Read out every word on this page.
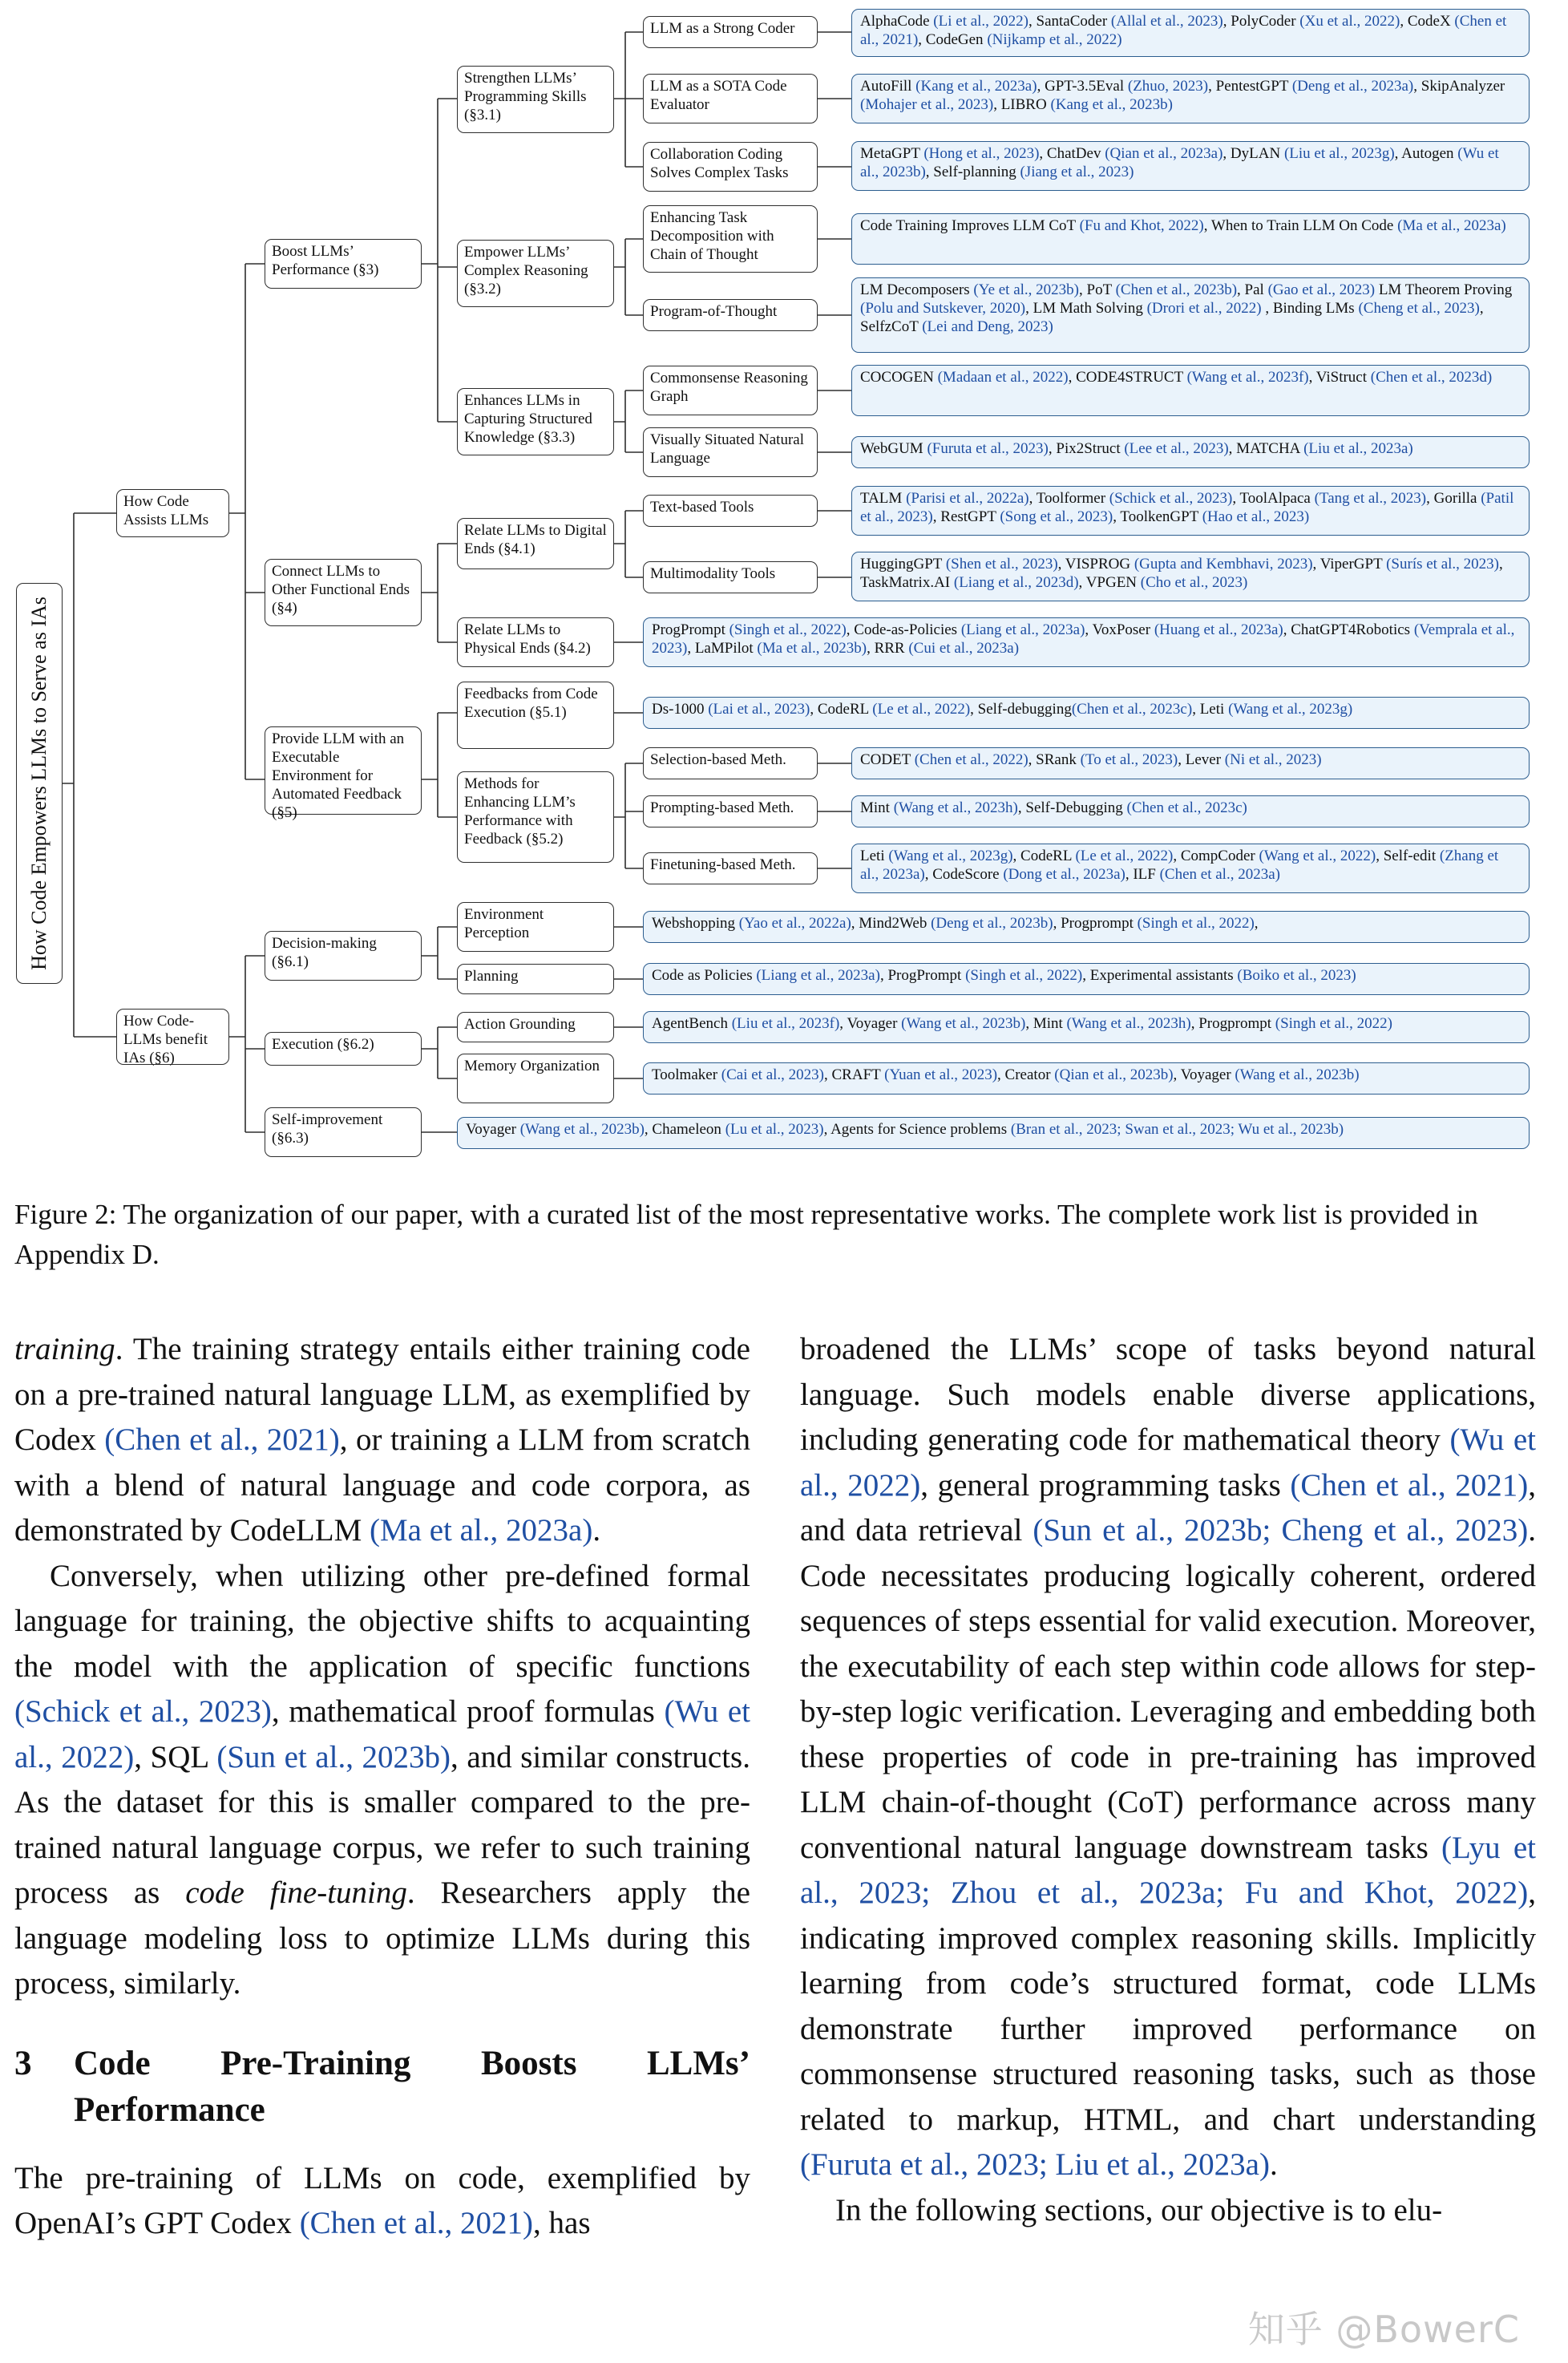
How Code Empowers LLMs to Serve as IAs
How Code Assists LLMs
How Code-LLMs benefit IAs (§6)
Boost LLMs’ Performance (§3)
Connect LLMs to Other Functional Ends (§4)
Provide LLM with an Executable Environment for Automated Feedback (§5)
Decision-making (§6.1)
Execution (§6.2)
Self-improvement (§6.3)
Strengthen LLMs’ Programming Skills (§3.1)
Empower LLMs’ Complex Reasoning (§3.2)
Enhances LLMs in Capturing Structured Knowledge (§3.3)
Relate LLMs to Digital Ends (§4.1)
Relate LLMs to Physical Ends (§4.2)
Feedbacks from Code Execution (§5.1)
Methods for Enhancing LLM’s Performance with Feedback (§5.2)
Environment Perception
Planning
Action Grounding
Memory Organization
LLM as a Strong Coder
LLM as a SOTA Code Evaluator
Collaboration Coding Solves Complex Tasks
Enhancing Task Decomposition with Chain of Thought
Program-of-Thought
Commonsense Reasoning Graph
Visually Situated Natural Language
Text-based Tools
Multimodality Tools
Selection-based Meth.
Prompting-based Meth.
Finetuning-based Meth.
AlphaCode (Li et al., 2022), SantaCoder (Allal et al., 2023), PolyCoder (Xu et al., 2022), CodeX (Chen et al., 2021), CodeGen (Nijkamp et al., 2022)
AutoFill (Kang et al., 2023a), GPT-3.5Eval (Zhuo, 2023), PentestGPT (Deng et al., 2023a), SkipAnalyzer (Mohajer et al., 2023), LIBRO (Kang et al., 2023b)
MetaGPT (Hong et al., 2023), ChatDev (Qian et al., 2023a), DyLAN (Liu et al., 2023g), Autogen (Wu et al., 2023b), Self-planning (Jiang et al., 2023)
Code Training Improves LLM CoT (Fu and Khot, 2022), When to Train LLM On Code (Ma et al., 2023a)
LM Decomposers (Ye et al., 2023b), PoT (Chen et al., 2023b), Pal (Gao et al., 2023) LM Theorem Proving (Polu and Sutskever, 2020), LM Math Solving (Drori et al., 2022) , Binding LMs (Cheng et al., 2023), SelfzCoT (Lei and Deng, 2023)
COCOGEN (Madaan et al., 2022), CODE4STRUCT (Wang et al., 2023f), ViStruct (Chen et al., 2023d)
WebGUM (Furuta et al., 2023), Pix2Struct (Lee et al., 2023), MATCHA (Liu et al., 2023a)
TALM (Parisi et al., 2022a), Toolformer (Schick et al., 2023), ToolAlpaca (Tang et al., 2023), Gorilla (Patil et al., 2023), RestGPT (Song et al., 2023), ToolkenGPT (Hao et al., 2023)
HuggingGPT (Shen et al., 2023), VISPROG (Gupta and Kembhavi, 2023), ViperGPT (Surís et al., 2023), TaskMatrix.AI (Liang et al., 2023d), VPGEN (Cho et al., 2023)
ProgPrompt (Singh et al., 2022), Code-as-Policies (Liang et al., 2023a), VoxPoser (Huang et al., 2023a), ChatGPT4Robotics (Vemprala et al., 2023), LaMPilot (Ma et al., 2023b), RRR (Cui et al., 2023a)
Ds-1000 (Lai et al., 2023), CodeRL (Le et al., 2022), Self-debugging(Chen et al., 2023c), Leti (Wang et al., 2023g)
CODET (Chen et al., 2022), SRank (To et al., 2023), Lever (Ni et al., 2023)
Mint (Wang et al., 2023h), Self-Debugging (Chen et al., 2023c)
Leti (Wang et al., 2023g), CodeRL (Le et al., 2022), CompCoder (Wang et al., 2022), Self-edit (Zhang et al., 2023a), CodeScore (Dong et al., 2023a), ILF (Chen et al., 2023a)
Webshopping (Yao et al., 2022a), Mind2Web (Deng et al., 2023b), Progprompt (Singh et al., 2022),
Code as Policies (Liang et al., 2023a), ProgPrompt (Singh et al., 2022), Experimental assistants (Boiko et al., 2023)
AgentBench (Liu et al., 2023f), Voyager (Wang et al., 2023b), Mint (Wang et al., 2023h), Progprompt (Singh et al., 2022)
Toolmaker (Cai et al., 2023), CRAFT (Yuan et al., 2023), Creator (Qian et al., 2023b), Voyager (Wang et al., 2023b)
Voyager (Wang et al., 2023b), Chameleon (Lu et al., 2023), Agents for Science problems (Bran et al., 2023; Swan et al., 2023; Wu et al., 2023b)
Figure 2: The organization of our paper, with a curated list of the most representative works. The complete work list is provided in Appendix D.

training. The training strategy entails either training code on a pre-trained natural language LLM, as exemplified by Codex (Chen et al., 2021), or training a LLM from scratch with a blend of natural language and code corpora, as demonstrated by CodeLLM (Ma et al., 2023a).

Conversely, when utilizing other pre-defined formal language for training, the objective shifts to acquainting the model with the application of specific functions (Schick et al., 2023), mathematical proof formulas (Wu et al., 2022), SQL (Sun et al., 2023b), and similar constructs. As the dataset for this is smaller compared to the pre-trained natural language corpus, we refer to such training process as code fine-tuning. Researchers apply the language modeling loss to optimize LLMs during this process, similarly.

3	Code Pre-Training Boosts LLMs’ Performance

The pre-training of LLMs on code, exemplified by OpenAI’s GPT Codex (Chen et al., 2021), has

broadened the LLMs’ scope of tasks beyond natural language. Such models enable diverse applications, including generating code for mathematical theory (Wu et al., 2022), general programming tasks (Chen et al., 2021), and data retrieval (Sun et al., 2023b; Cheng et al., 2023). Code necessitates producing logically coherent, ordered sequences of steps essential for valid execution. Moreover, the executability of each step within code allows for step-by-step logic verification. Leveraging and embedding both these properties of code in pre-training has improved LLM chain-of-thought (CoT) performance across many conventional natural language downstream tasks (Lyu et al., 2023; Zhou et al., 2023a; Fu and Khot, 2022), indicating improved complex reasoning skills. Implicitly learning from code’s structured format, code LLMs demonstrate further improved performance on commonsense structured reasoning tasks, such as those related to markup, HTML, and chart understanding (Furuta et al., 2023; Liu et al., 2023a).

In the following sections, our objective is to elu-

知乎 @BowerC
